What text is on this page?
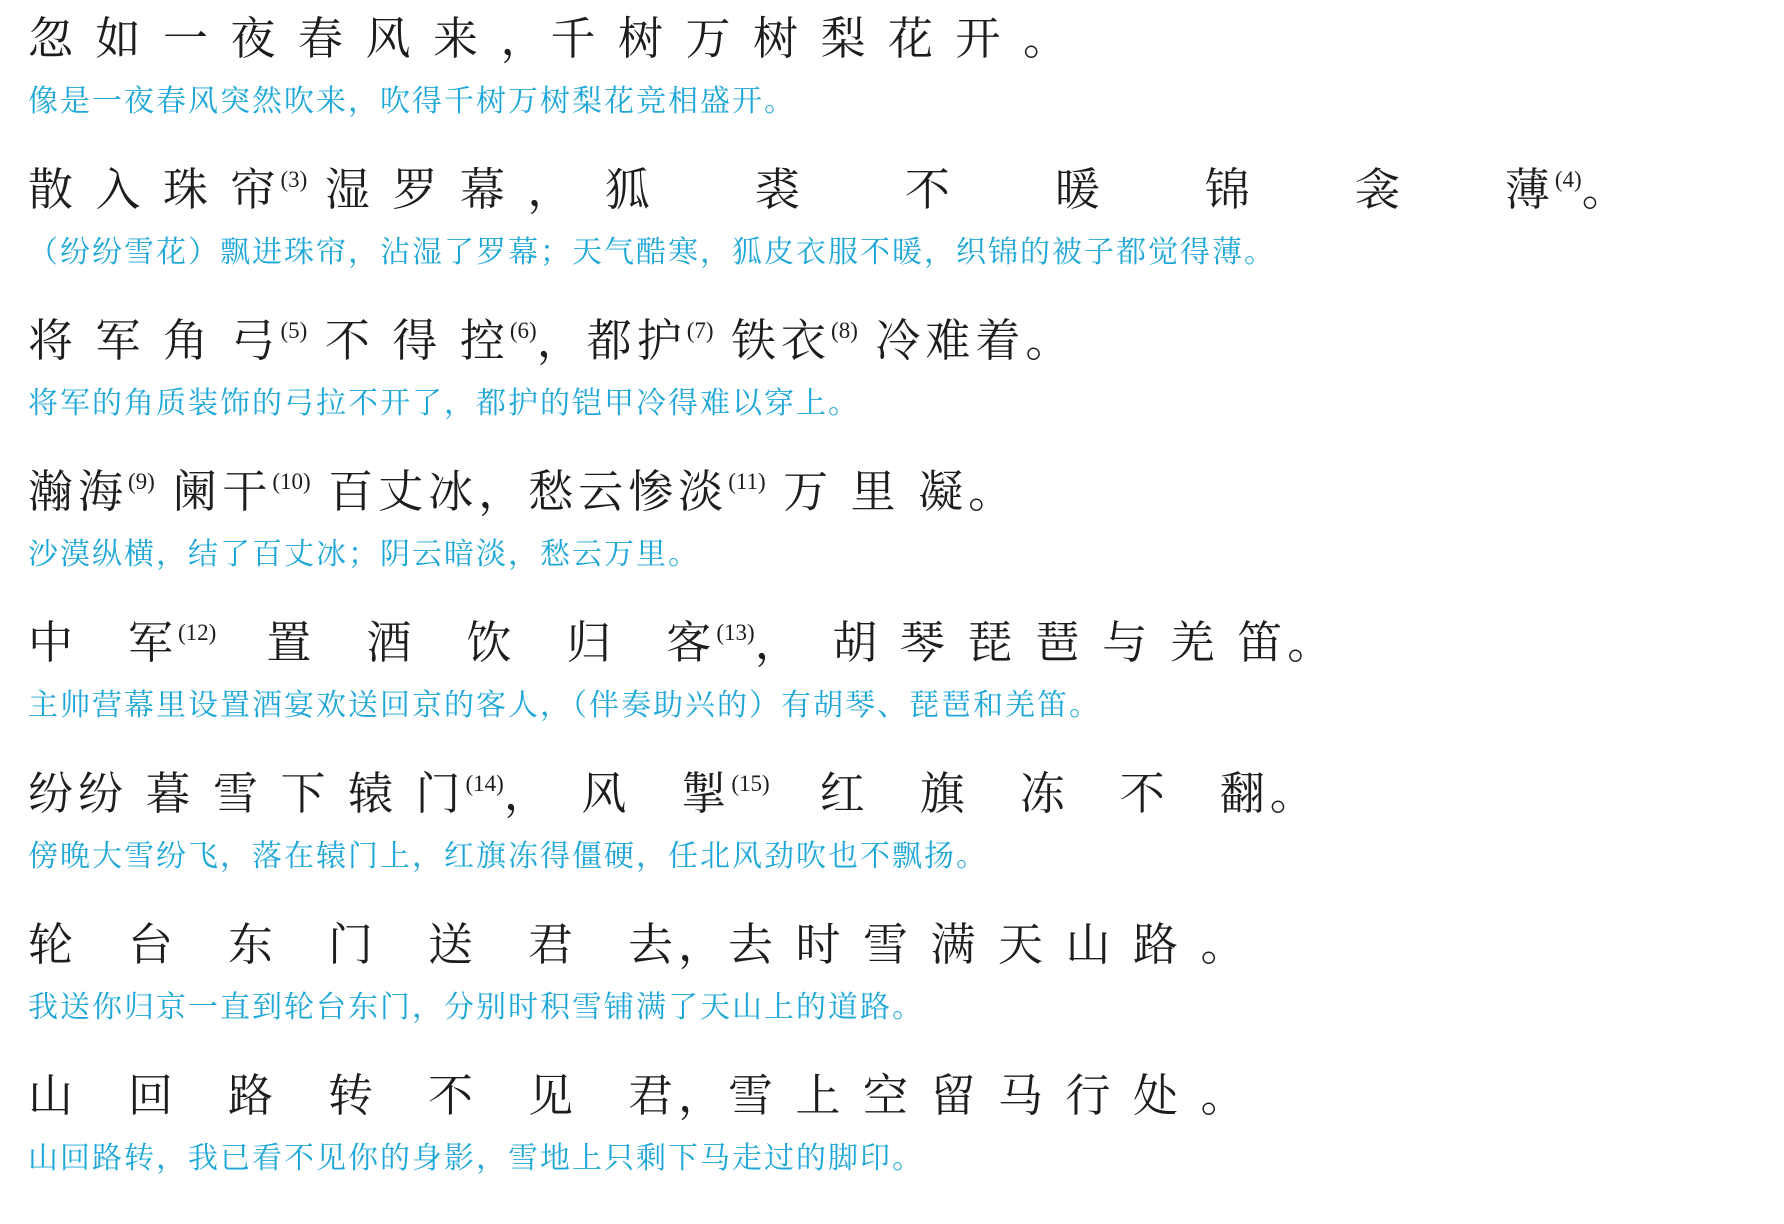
忽 如 一 夜 春 风 来 ，千 树 万 树 梨 花 开 。
像是一夜春风突然吹来，吹得千树万树梨花竞相盛开。
散 入 珠 帘$^{(3)}$ 湿 罗 幕 ，　狐　　裘　　不　　暖　　锦　　衾　　薄$^{(4)}$。
（纷纷雪花）飘进珠帘，沾湿了罗幕；天气酷寒，狐皮衣服不暖，织锦的被子都觉得薄。
将 军 角 弓$^{(5)}$ 不 得 控$^{(6)}$，都护$^{(7)}$ 铁衣$^{(8)}$ 冷难着。
将军的角质装饰的弓拉不开了，都护的铠甲冷得难以穿上。
瀚海$^{(9)}$ 阑干$^{(10)}$ 百丈冰，愁云惨淡$^{(11)}$ 万 里 凝。
沙漠纵横，结了百丈冰；阴云暗淡，愁云万里。
中　军$^{(12)}$　置　酒　饮　归　客$^{(13)}$，　胡 琴 琵 琶 与 羌 笛。
主帅营幕里设置酒宴欢送回京的客人，（伴奏助兴的）有胡琴、琵琶和羌笛。
纷纷 暮 雪 下 辕 门$^{(14)}$，　风　掣$^{(15)}$　红　旗　冻　不　翻。
傍晚大雪纷飞，落在辕门上，红旗冻得僵硬，任北风劲吹也不飘扬。
轮　台　东　门　送　君　去，去 时 雪 满 天 山 路 。
我送你归京一直到轮台东门，分别时积雪铺满了天山上的道路。
山　回　路　转　不　见　君，雪 上 空 留 马 行 处 。
山回路转，我已看不见你的身影，雪地上只剩下马走过的脚印。
